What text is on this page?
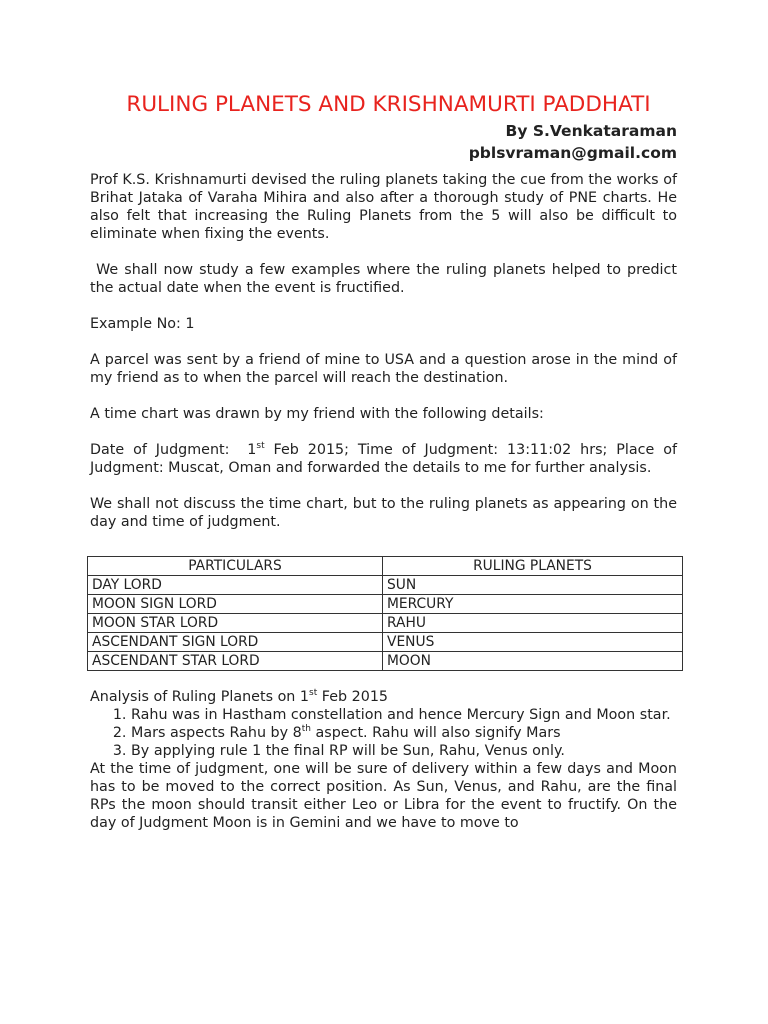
RULING PLANETS AND KRISHNAMURTI PADDHATI
By S.Venkataraman
pblsvraman@gmail.com

Prof K.S. Krishnamurti devised the ruling planets taking the cue from the works of Brihat Jataka of Varaha Mihira and also after a thorough study of PNE charts. He also felt that increasing the Ruling Planets from the 5 will also be difficult to eliminate when fixing the events.

We shall now study a few examples where the ruling planets helped to predict the actual date when the event is fructified.

Example No: 1

A parcel was sent by a friend of mine to USA and a question arose in the mind of my friend as to when the parcel will reach the destination.

A time chart was drawn by my friend with the following details:

Date of Judgment:  1st Feb 2015; Time of Judgment: 13:11:02 hrs; Place of Judgment: Muscat, Oman and forwarded the details to me for further analysis.

We shall not discuss the time chart, but to the ruling planets as appearing on the day and time of judgment.

PARTICULARS	RULING PLANETS
DAY LORD	SUN
MOON SIGN LORD	MERCURY
MOON STAR LORD	RAHU
ASCENDANT SIGN LORD	VENUS
ASCENDANT STAR LORD	MOON

Analysis of Ruling Planets on 1st Feb 2015

1. Rahu was in Hastham constellation and hence Mercury Sign and Moon star.
2. Mars aspects Rahu by 8th aspect. Rahu will also signify Mars
3. By applying rule 1 the final RP will be Sun, Rahu, Venus only.

At the time of judgment, one will be sure of delivery within a few days and Moon has to be moved to the correct position. As Sun, Venus, and Rahu, are the final RPs the moon should transit either Leo or Libra for the event to fructify. On the day of Judgment Moon is in Gemini and we have to move to
